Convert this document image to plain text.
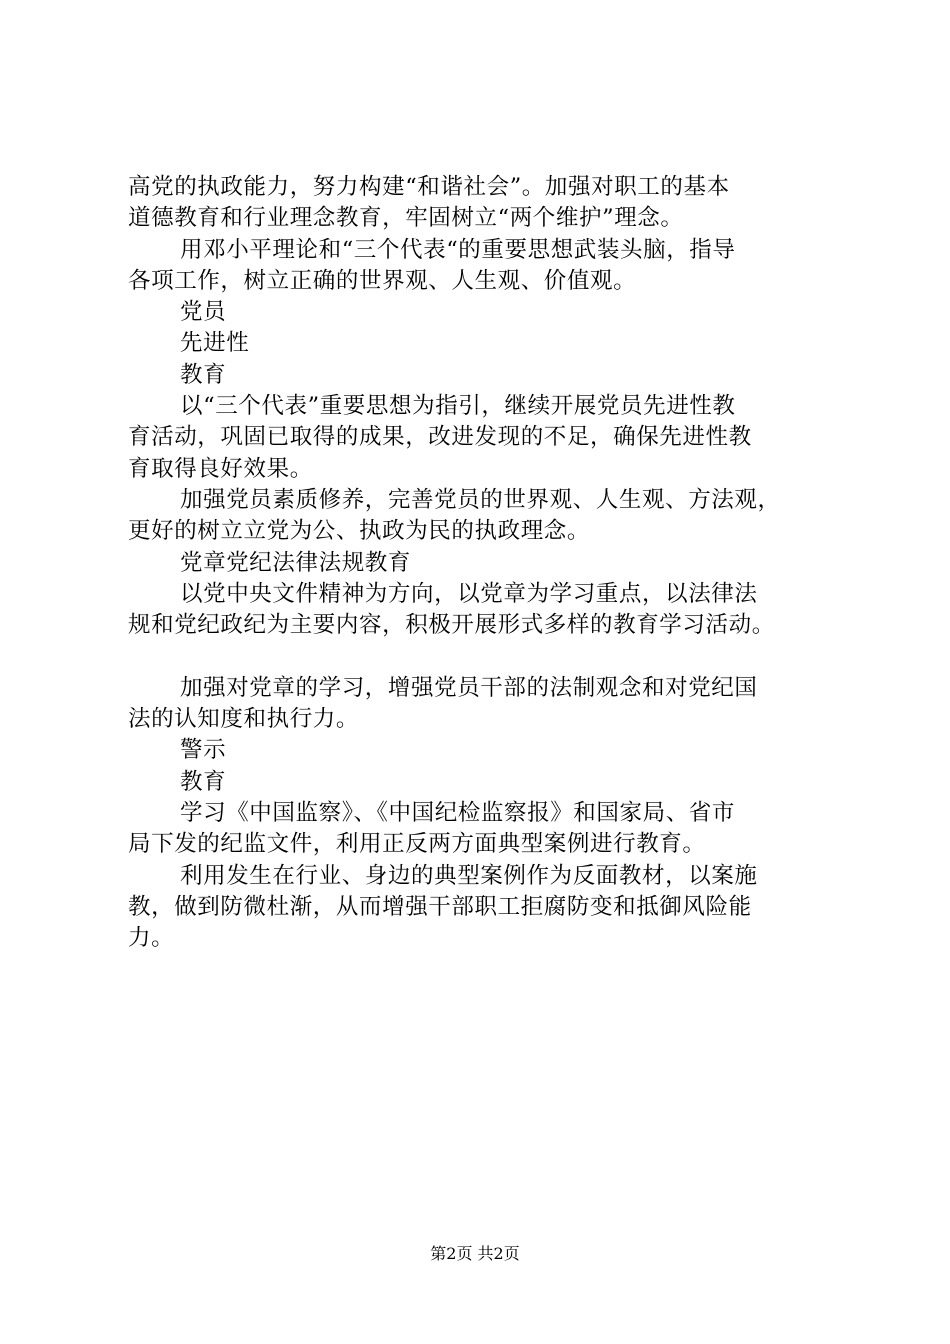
高党的执政能力，努力构建“和谐社会”。加强对职工的基本
道德教育和行业理念教育，牢固树立“两个维护”理念。
用邓小平理论和“三个代表“的重要思想武装头脑，指导
各项工作，树立正确的世界观、人生观、价值观。
党员
先进性
教育
以“三个代表”重要思想为指引，继续开展党员先进性教
育活动，巩固已取得的成果，改进发现的不足，确保先进性教
育取得良好效果。
加强党员素质修养，完善党员的世界观、人生观、方法观，
更好的树立立党为公、执政为民的执政理念。
党章党纪法律法规教育
以党中央文件精神为方向，以党章为学习重点，以法律法
规和党纪政纪为主要内容，积极开展形式多样的教育学习活动。
加强对党章的学习，增强党员干部的法制观念和对党纪国
法的认知度和执行力。
警示
教育
学习《中国监察》、《中国纪检监察报》和国家局、省市
局下发的纪监文件，利用正反两方面典型案例进行教育。
利用发生在行业、身边的典型案例作为反面教材，以案施
教，做到防微杜渐，从而增强干部职工拒腐防变和抵御风险能
力。
第2页 共2页
